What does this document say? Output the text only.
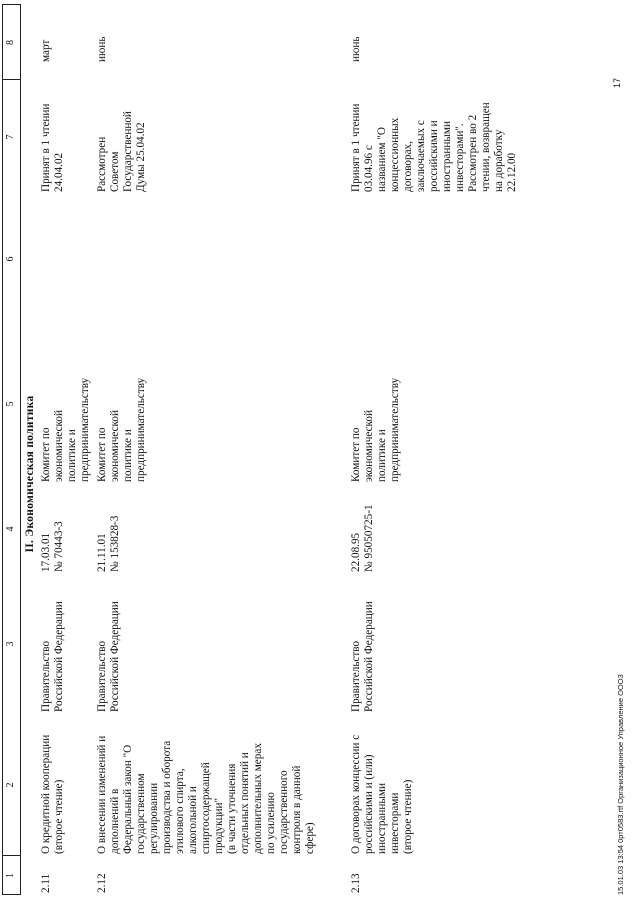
1
2
3
4
5
6
7
8
II. Экономическая политика
2.11
О кредитной кооперации
(второе чтение)
Правительство
Российской Федерации
17.03.01
№ 70443-3
Комитет по
экономической
политике и
предпринимательству
Принят в 1 чтении
24.04.02
март
2.12
О внесении изменений и
дополнений в
Федеральный закон "О
государственном
регулировании
производства и оборота
этилового спирта,
алкогольной и
спиртосодержащей
продукции"
(в части уточнения
отдельных понятий и
дополнительных мерах
по усилению
государственного
контроля в данной
сфере)
Правительство
Российской Федерации
21.11.01
№ 153828-3
Комитет по
экономической
политике и
предпринимательству
Рассмотрен
Советом
Государственной
Думы 25.04.02
июнь
2.13
О договорах концессии с
российскими и (или)
иностранными
инвесторами
(второе чтение)
Правительство
Российской Федерации
22.08.95
№ 95050725-1
Комитет по
экономической
политике и
предпринимательству
Принят в 1 чтении
03.04.96 с
названием "О
концессионных
договорах,
заключаемых с
российскими и
иностранными
инвесторами".
Рассмотрен во 2
чтении, возвращен
на доработку
22.12.00
июнь
15.01.03 13:54 0рт0583.rtf Организационное Управление ООО3
17
